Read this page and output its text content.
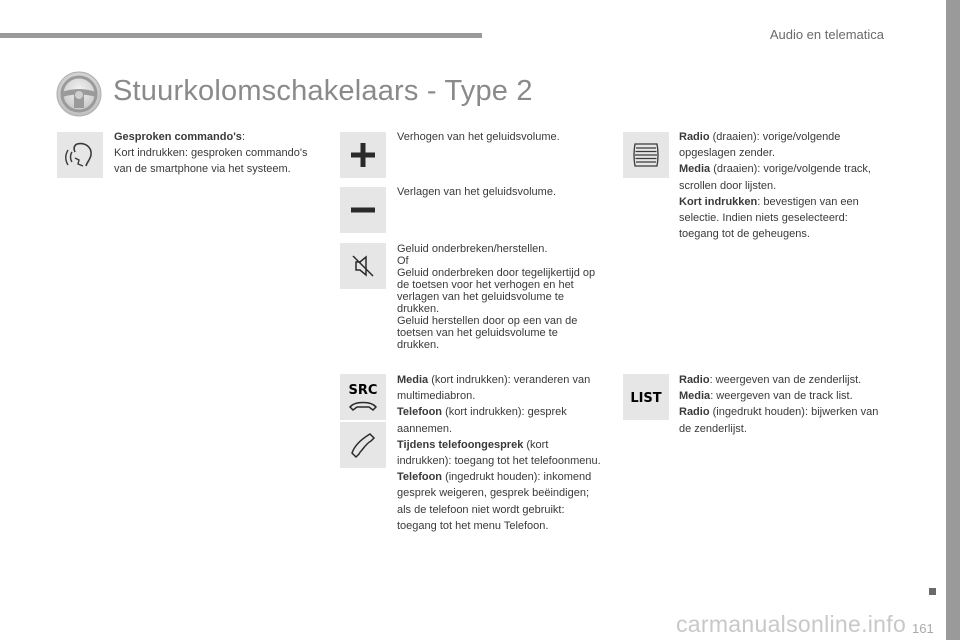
Audio en telematica
Stuurkolomschakelaars - Type 2
Gesproken commando's:
Kort indrukken: gesproken commando's van de smartphone via het systeem.
Verhogen van het geluidsvolume.
Verlagen van het geluidsvolume.

Geluid onderbreken/herstellen.

Of

Geluid onderbreken door tegelijkertijd op de toetsen voor het verhogen en het verlagen van het geluidsvolume te drukken.

Geluid herstellen door op een van de toetsen van het geluidsvolume te drukken.

SRC

Media (kort indrukken): veranderen van multimediabron.

Telefoon (kort indrukken): gesprek aannemen.

Tijdens telefoongesprek (kort indrukken): toegang tot het telefoonmenu.

Telefoon (ingedrukt houden): inkomend gesprek weigeren, gesprek beëindigen; als de telefoon niet wordt gebruikt: toegang tot het menu Telefoon.

Radio (draaien): vorige/volgende opgeslagen zender.

Media (draaien): vorige/volgende track, scrollen door lijsten.

Kort indrukken: bevestigen van een selectie. Indien niets geselecteerd: toegang tot de geheugens.

LIST

Radio: weergeven van de zenderlijst.

Media: weergeven van de track list.

Radio (ingedrukt houden): bijwerken van de zenderlijst.

161
carmanualsonline.info
